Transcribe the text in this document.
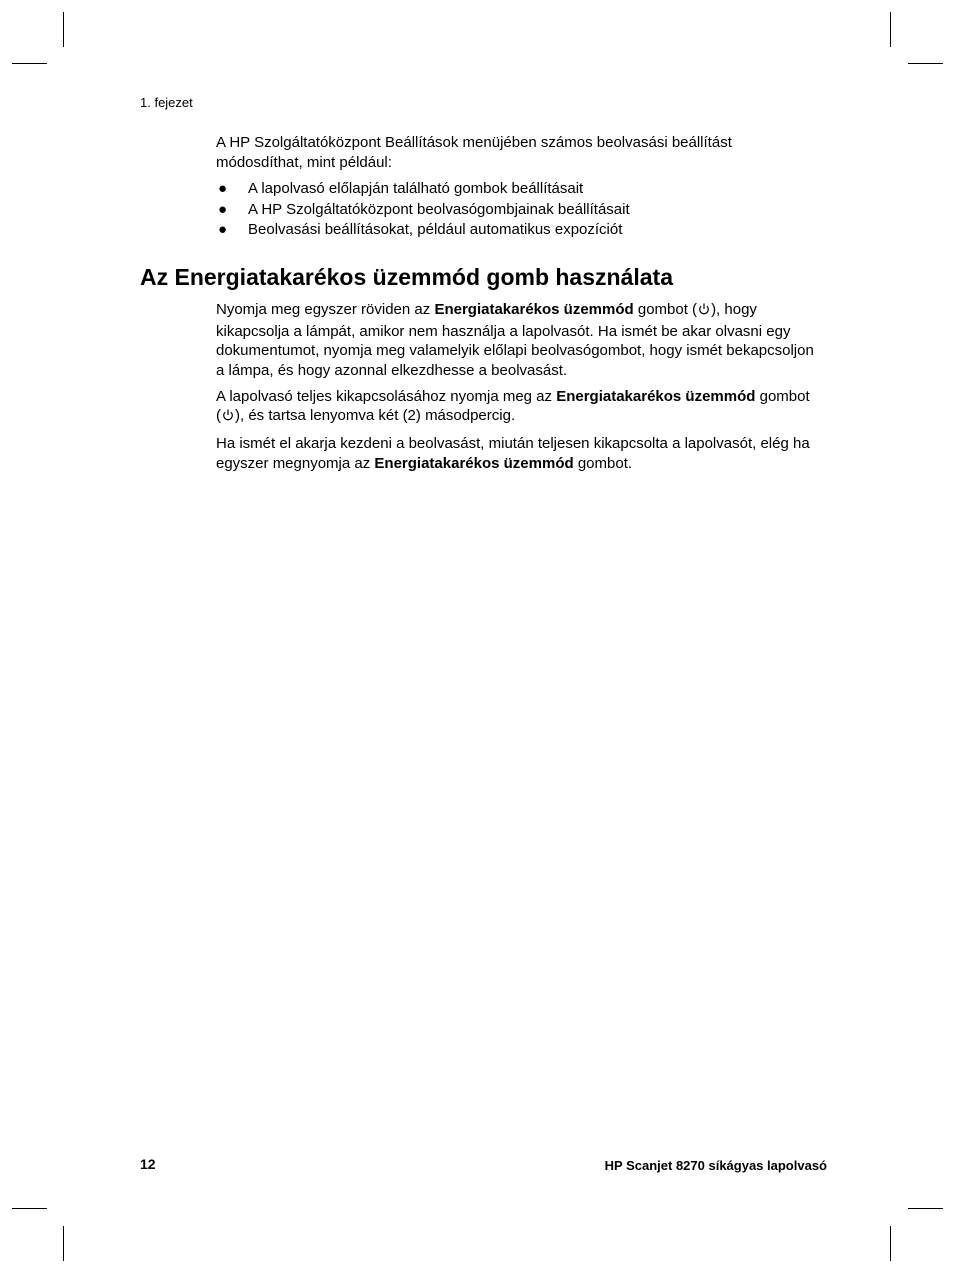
1. fejezet

A HP Szolgáltatóközpont Beállítások menüjében számos beolvasási beállítást módosdíthat, mint például:

● A lapolvasó előlapján található gombok beállításait
● A HP Szolgáltatóközpont beolvasógombjainak beállításait
● Beolvasási beállításokat, például automatikus expozíciót
Az Energiatakarékos üzemmód gomb használata

Nyomja meg egyszer röviden az Energiatakarékos üzemmód gombot ( ), hogy kikapcsolja a lámpát, amikor nem használja a lapolvasót. Ha ismét be akar olvasni egy dokumentumot, nyomja meg valamelyik előlapi beolvasógombot, hogy ismét bekapcsoljon a lámpa, és hogy azonnal elkezdhesse a beolvasást.

A lapolvasó teljes kikapcsolásához nyomja meg az Energiatakarékos üzemmód gombot ( ), és tartsa lenyomva két (2) másodpercig.

Ha ismét el akarja kezdeni a beolvasást, miután teljesen kikapcsolta a lapolvasót, elég ha egyszer megnyomja az Energiatakarékos üzemmód gombot.

12	HP Scanjet 8270 síkágyas lapolvasó
